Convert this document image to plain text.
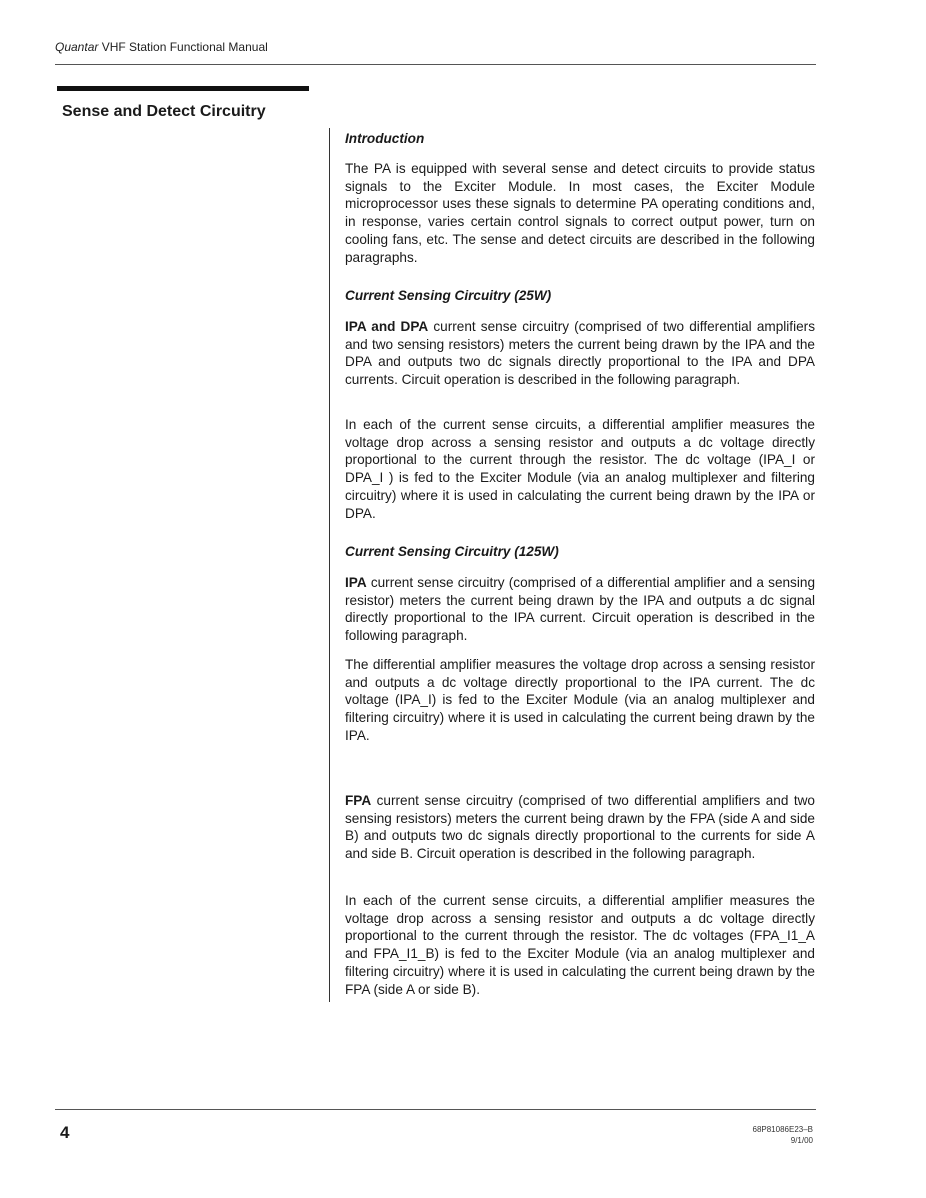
Quantar VHF Station Functional Manual
Sense and Detect Circuitry
Introduction

The PA is equipped with several sense and detect circuits to provide status signals to the Exciter Module. In most cases, the Exciter Module microprocessor uses these signals to determine PA operating conditions and, in response, varies certain control signals to correct output power, turn on cooling fans, etc. The sense and detect circuits are described in the following paragraphs.

Current Sensing Circuitry (25W)

IPA and DPA current sense circuitry (comprised of two differential amplifiers and two sensing resistors) meters the current being drawn by the IPA and the DPA and outputs two dc signals directly proportional to the IPA and DPA currents. Circuit operation is described in the following paragraph.

In each of the current sense circuits, a differential amplifier measures the voltage drop across a sensing resistor and outputs a dc voltage directly proportional to the current through the resistor. The dc voltage (IPA_I or DPA_I ) is fed to the Exciter Module (via an analog multiplexer and filtering circuitry) where it is used in calculating the current being drawn by the IPA or DPA.

Current Sensing Circuitry (125W)

IPA current sense circuitry (comprised of a differential amplifier and a sensing resistor) meters the current being drawn by the IPA and outputs a dc signal directly proportional to the IPA current. Circuit operation is described in the following paragraph.

The differential amplifier measures the voltage drop across a sensing resistor and outputs a dc voltage directly proportional to the IPA current. The dc voltage (IPA_I) is fed to the Exciter Module (via an analog multiplexer and filtering circuitry) where it is used in calculating the current being drawn by the IPA.

FPA current sense circuitry (comprised of two differential amplifiers and two sensing resistors) meters the current being drawn by the FPA (side A and side B) and outputs two dc signals directly proportional to the currents for side A and side B. Circuit operation is described in the following paragraph.

In each of the current sense circuits, a differential amplifier measures the voltage drop across a sensing resistor and outputs a dc voltage directly proportional to the current through the resistor. The dc voltages (FPA_I1_A and FPA_I1_B) is fed to the Exciter Module (via an analog multiplexer and filtering circuitry) where it is used in calculating the current being drawn by the FPA (side A or side B).

4	68P81086E23–B
9/1/00
